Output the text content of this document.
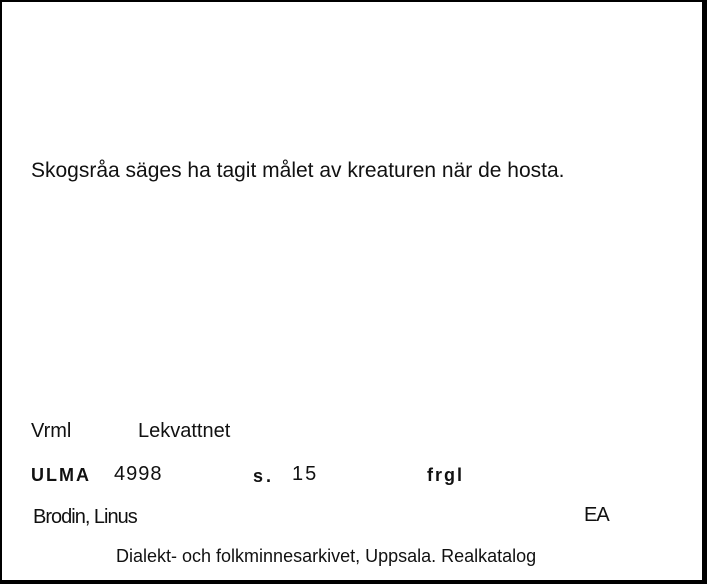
Skogsråa säges ha tagit målet av kreaturen när de hosta.
Vrml	Lekvattnet
ULMA 4998	s. 15	frgl
Brodin, Linus	EA
Dialekt- och folkminnesarkivet, Uppsala. Realkatalog
